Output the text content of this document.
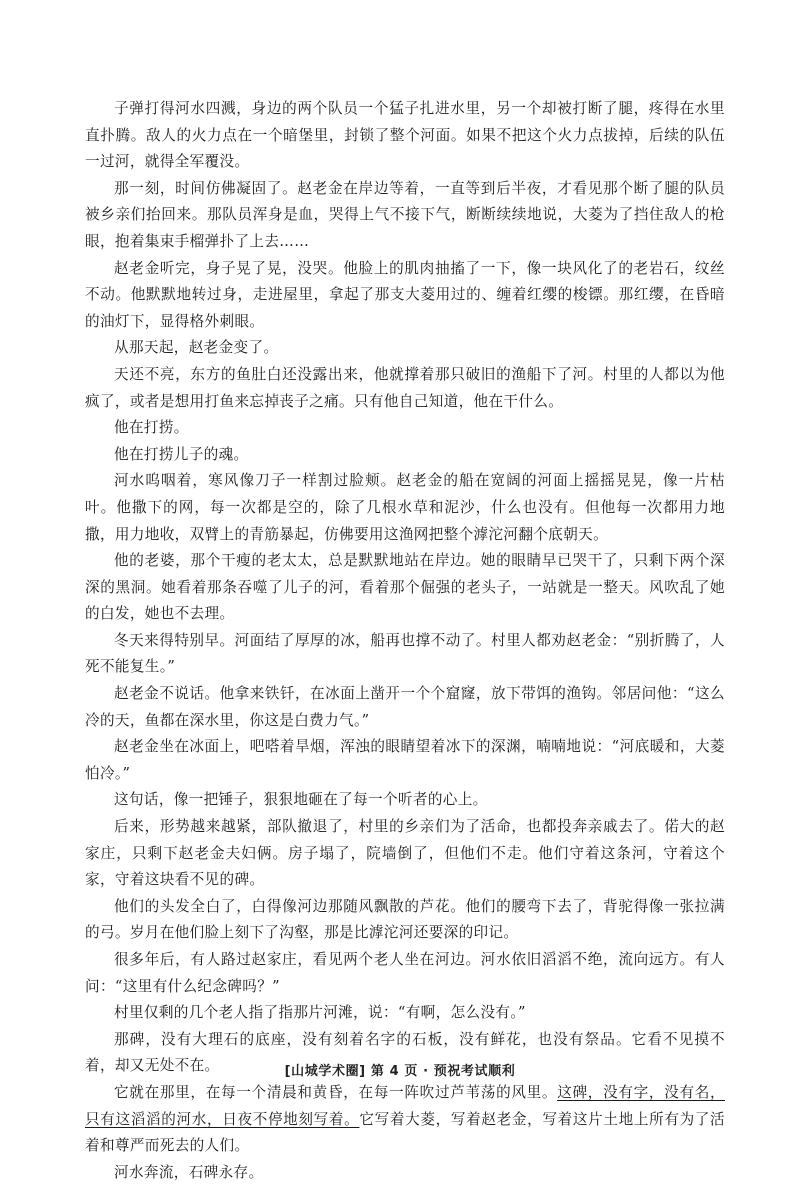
子弹打得河水四溅，身边的两个队员一个猛子扎进水里，另一个却被打断了腿，疼得在水里直扑腾。敌人的火力点在一个暗堡里，封锁了整个河面。如果不把这个火力点拔掉，后续的队伍一过河，就得全军覆没。

那一刻，时间仿佛凝固了。赵老金在岸边等着，一直等到后半夜，才看见那个断了腿的队员被乡亲们抬回来。那队员浑身是血，哭得上气不接下气，断断续续地说，大菱为了挡住敌人的枪眼，抱着集束手榴弹扑了上去……

赵老金听完，身子晃了晃，没哭。他脸上的肌肉抽搐了一下，像一块风化了的老岩石，纹丝不动。他默默地转过身，走进屋里，拿起了那支大菱用过的、缠着红缨的梭镖。那红缨，在昏暗的油灯下，显得格外刺眼。

从那天起，赵老金变了。

天还不亮，东方的鱼肚白还没露出来，他就撑着那只破旧的渔船下了河。村里的人都以为他疯了，或者是想用打鱼来忘掉丧子之痛。只有他自己知道，他在干什么。

他在打捞。

他在打捞儿子的魂。

河水呜咽着，寒风像刀子一样割过脸颊。赵老金的船在宽阔的河面上摇摇晃晃，像一片枯叶。他撒下的网，每一次都是空的，除了几根水草和泥沙，什么也没有。但他每一次都用力地撒，用力地收，双臂上的青筋暴起，仿佛要用这渔网把整个滹沱河翻个底朝天。

他的老婆，那个干瘦的老太太，总是默默地站在岸边。她的眼睛早已哭干了，只剩下两个深深的黑洞。她看着那条吞噬了儿子的河，看着那个倔强的老头子，一站就是一整天。风吹乱了她的白发，她也不去理。

冬天来得特别早。河面结了厚厚的冰，船再也撑不动了。村里人都劝赵老金：“别折腾了，人死不能复生。”

赵老金不说话。他拿来铁钎，在冰面上凿开一个个窟窿，放下带饵的渔钩。邻居问他：“这么冷的天，鱼都在深水里，你这是白费力气。”

赵老金坐在冰面上，吧嗒着旱烟，浑浊的眼睛望着冰下的深渊，喃喃地说：“河底暖和，大菱怕冷。”

这句话，像一把锤子，狠狠地砸在了每一个听者的心上。

后来，形势越来越紧，部队撤退了，村里的乡亲们为了活命，也都投奔亲戚去了。偌大的赵家庄，只剩下赵老金夫妇俩。房子塌了，院墙倒了，但他们不走。他们守着这条河，守着这个家，守着这块看不见的碑。

他们的头发全白了，白得像河边那随风飘散的芦花。他们的腰弯下去了，背驼得像一张拉满的弓。岁月在他们脸上刻下了沟壑，那是比滹沱河还要深的印记。

很多年后，有人路过赵家庄，看见两个老人坐在河边。河水依旧滔滔不绝，流向远方。有人问：“这里有什么纪念碑吗？”

村里仅剩的几个老人指了指那片河滩，说：“有啊，怎么没有。”

那碑，没有大理石的底座，没有刻着名字的石板，没有鲜花，也没有祭品。它看不见摸不着，却又无处不在。

它就在那里，在每一个清晨和黄昏，在每一阵吹过芦苇荡的风里。这碑，没有字，没有名，只有这滔滔的河水，日夜不停地刻写着。它写着大菱，写着赵老金，写着这片土地上所有为了活着和尊严而死去的人们。

河水奔流，石碑永存。

[山城学术圈] 第 4 页 · 预祝考试顺利
